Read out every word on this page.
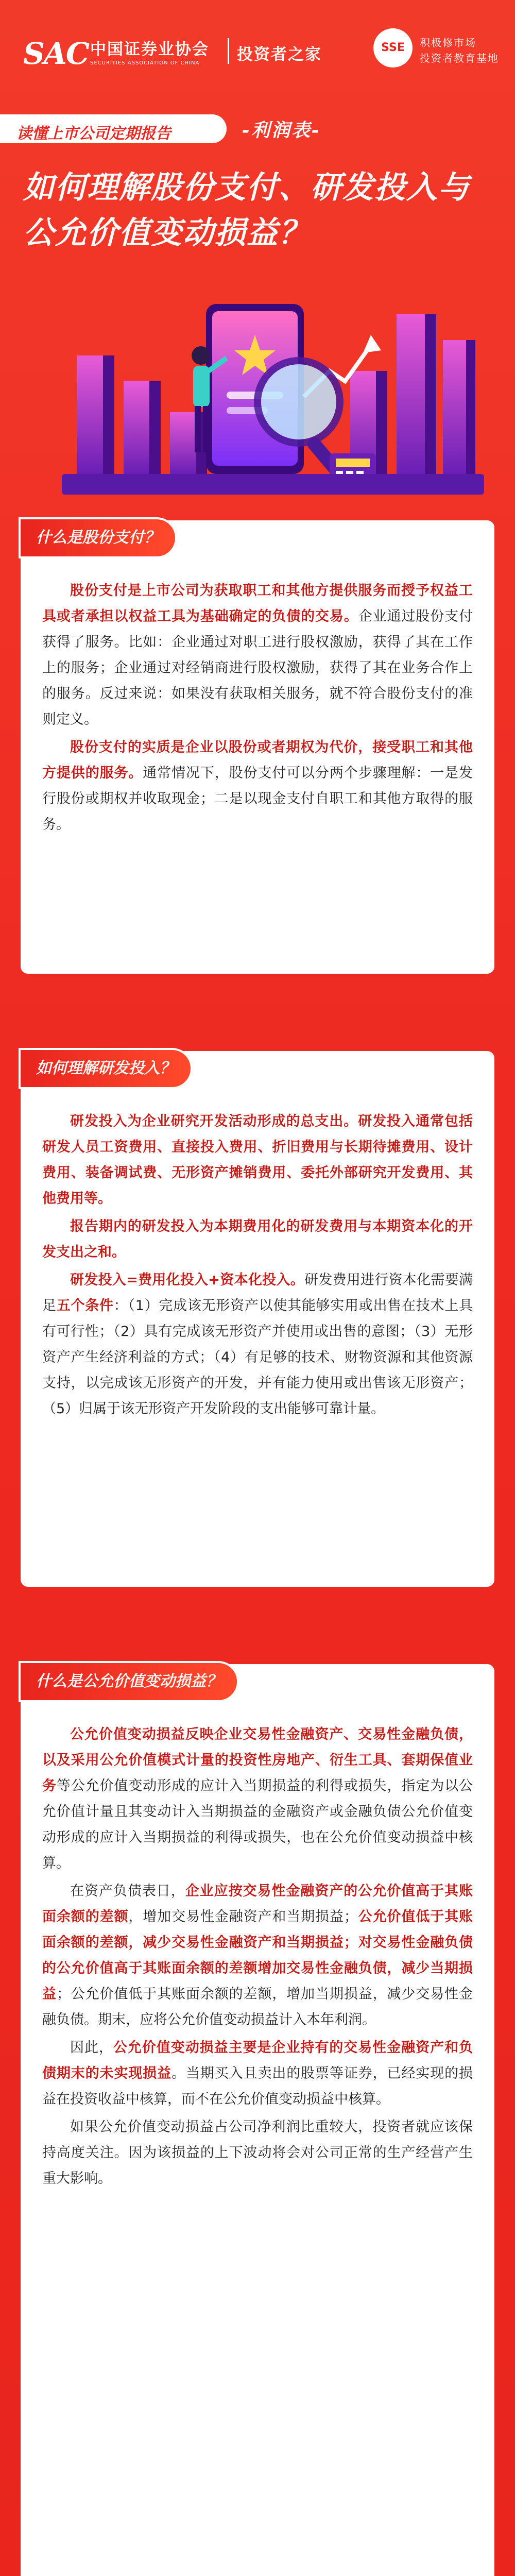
SAC 中国证券业协会
SECURITIES ASSOCIATION OF CHINA	投资者之家	SSE	积极修市场
投资者教育基地
读懂上市公司定期报告	-利润表-
如何理解股份支付、研发投入与公允价值变动损益？
什么是股份支付？

股份支付是上市公司为获取职工和其他方提供服务而授予权益工具或者承担以权益工具为基础确定的负债的交易。企业通过股份支付获得了服务。比如：企业通过对职工进行股权激励，获得了其在工作上的服务；企业通过对经销商进行股权激励，获得了其在业务合作上的服务。反过来说：如果没有获取相关服务，就不符合股份支付的准则定义。

股份支付的实质是企业以股份或者期权为代价，接受职工和其他方提供的服务。通常情况下，股份支付可以分两个步骤理解：一是发行股份或期权并收取现金；二是以现金支付自职工和其他方取得的服务。

如何理解研发投入？

研发投入为企业研究开发活动形成的总支出。研发投入通常包括研发人员工资费用、直接投入费用、折旧费用与长期待摊费用、设计费用、装备调试费、无形资产摊销费用、委托外部研究开发费用、其他费用等。

报告期内的研发投入为本期费用化的研发费用与本期资本化的开发支出之和。

研发投入=费用化投入+资本化投入。研发费用进行资本化需要满足五个条件：（1）完成该无形资产以使其能够实用或出售在技术上具有可行性；（2）具有完成该无形资产并使用或出售的意图；（3）无形资产产生经济利益的方式；（4）有足够的技术、财物资源和其他资源支持，以完成该无形资产的开发，并有能力使用或出售该无形资产；（5）归属于该无形资产开发阶段的支出能够可靠计量。

什么是公允价值变动损益？

公允价值变动损益反映企业交易性金融资产、交易性金融负债，以及采用公允价值模式计量的投资性房地产、衍生工具、套期保值业务等公允价值变动形成的应计入当期损益的利得或损失，指定为以公允价值计量且其变动计入当期损益的金融资产或金融负债公允价值变动形成的应计入当期损益的利得或损失，也在公允价值变动损益中核算。

在资产负债表日，企业应按交易性金融资产的公允价值高于其账面余额的差额，增加交易性金融资产和当期损益；公允价值低于其账面余额的差额，减少交易性金融资产和当期损益；对交易性金融负债的公允价值高于其账面余额的差额增加交易性金融负债，减少当期损益；公允价值低于其账面余额的差额，增加当期损益，减少交易性金融负债。期末，应将公允价值变动损益计入本年利润。

因此，公允价值变动损益主要是企业持有的交易性金融资产和负债期末的未实现损益。当期买入且卖出的股票等证券，已经实现的损益在投资收益中核算，而不在公允价值变动损益中核算。

如果公允价值变动损益占公司净利润比重较大，投资者就应该保持高度关注。因为该损益的上下波动将会对公司正常的生产经营产生重大影响。
